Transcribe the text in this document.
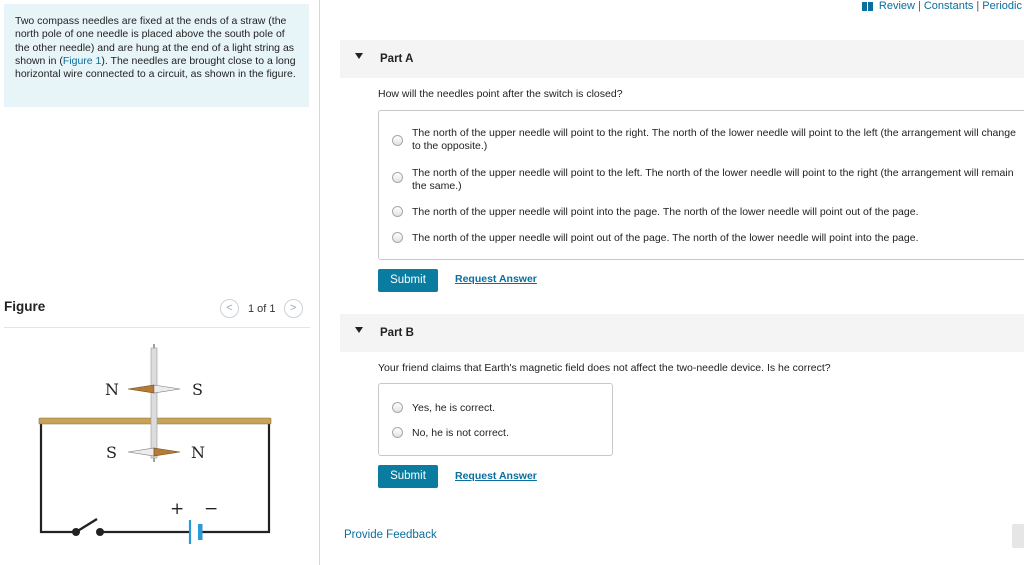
Two compass needles are fixed at the ends of a straw (the north pole of one needle is placed above the south pole of the other needle) and are hung at the end of a light string as shown in (Figure 1). The needles are brought close to a long horizontal wire connected to a circuit, as shown in the figure.
Figure	<	1 of 1	>
+ −
N	S
S	N
Review | Constants | Periodic
Part A
How will the needles point after the switch is closed?
The north of the upper needle will point to the right. The north of the lower needle will point to the left (the arrangement will change to the opposite.)
The north of the upper needle will point to the left. The north of the lower needle will point to the right (the arrangement will remain the same.)
The north of the upper needle will point into the page. The north of the lower needle will point out of the page.
The north of the upper needle will point out of the page. The north of the lower needle will point into the page.
Submit	Request Answer
Part B
Your friend claims that Earth's magnetic field does not affect the two-needle device. Is he correct?
Yes, he is correct.
No, he is not correct.
Submit	Request Answer
Provide Feedback
